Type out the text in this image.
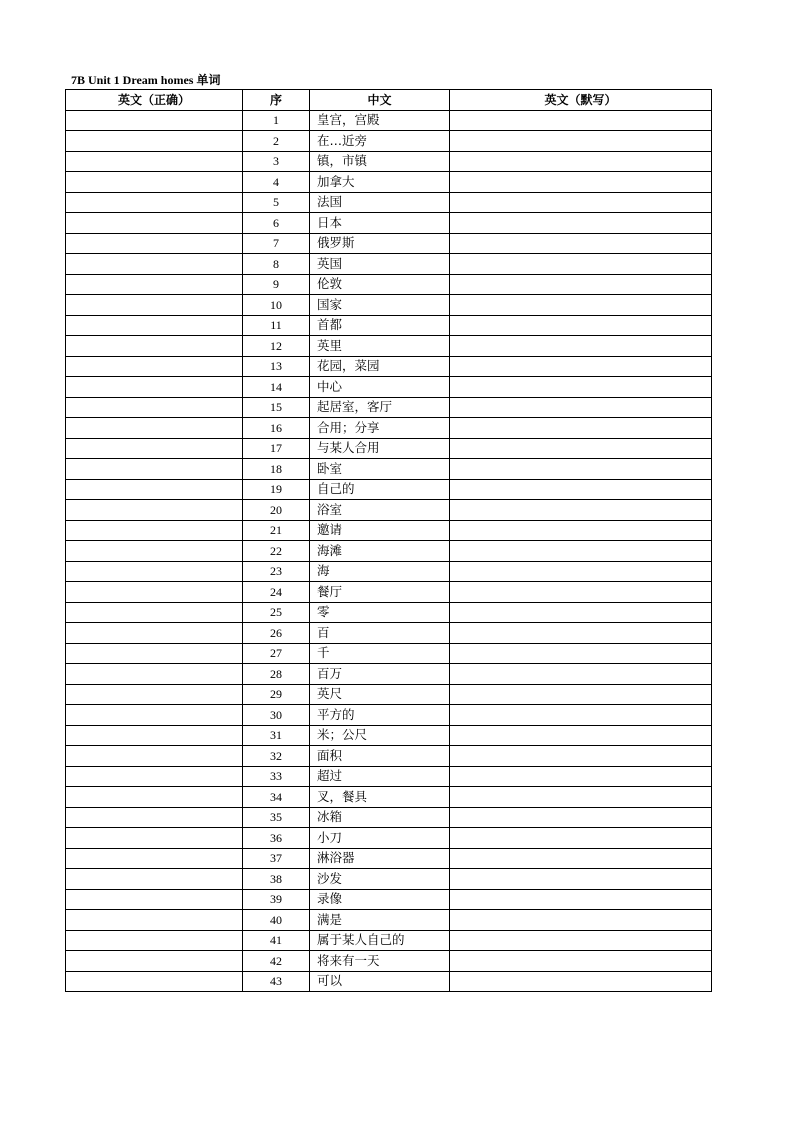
7B Unit 1 Dream homes 单词
英文（正确）	序	中文	英文（默写）
	1	皇宫，宫殿	
	2	在…近旁	
	3	镇，市镇	
	4	加拿大	
	5	法国	
	6	日本	
	7	俄罗斯	
	8	英国	
	9	伦敦	
	10	国家	
	11	首都	
	12	英里	
	13	花园，菜园	
	14	中心	
	15	起居室，客厅	
	16	合用；分享	
	17	与某人合用	
	18	卧室	
	19	自己的	
	20	浴室	
	21	邀请	
	22	海滩	
	23	海	
	24	餐厅	
	25	零	
	26	百	
	27	千	
	28	百万	
	29	英尺	
	30	平方的	
	31	米；公尺	
	32	面积	
	33	超过	
	34	叉，餐具	
	35	冰箱	
	36	小刀	
	37	淋浴器	
	38	沙发	
	39	录像	
	40	满是	
	41	属于某人自己的	
	42	将来有一天	
	43	可以	
